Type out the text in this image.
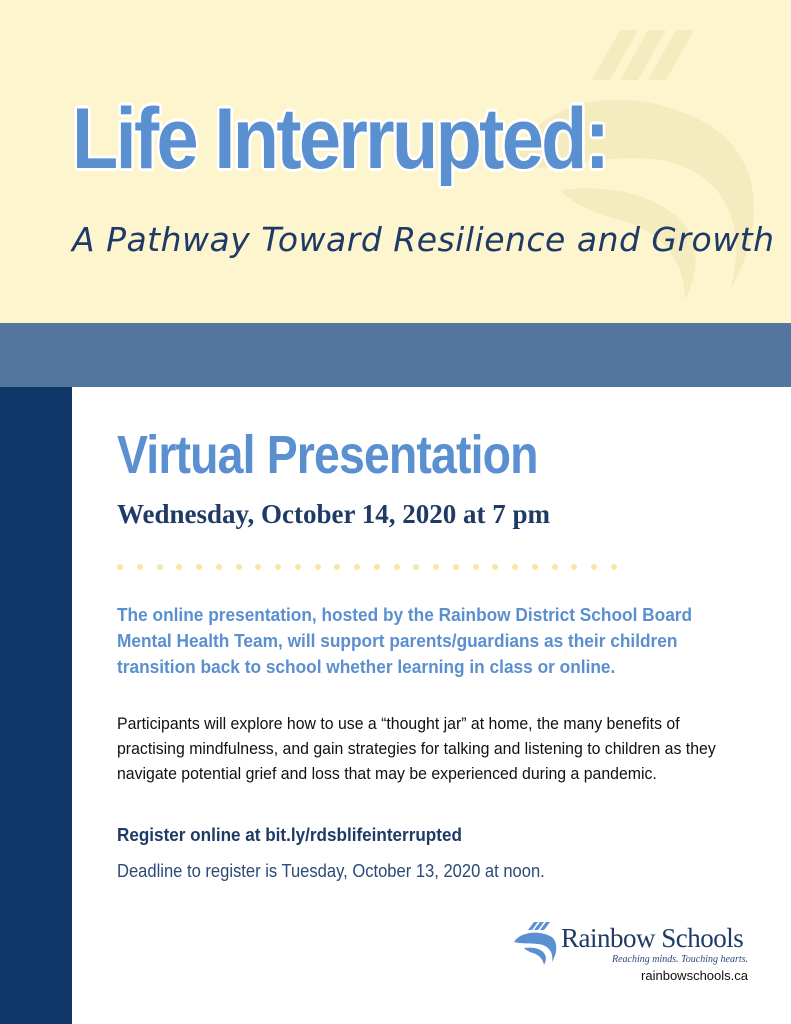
Life Interrupted:

A Pathway Toward Resilience and Growth

Virtual Presentation

Wednesday, October 14, 2020 at 7 pm

The online presentation, hosted by the Rainbow District School Board Mental Health Team, will support parents/guardians as their children transition back to school whether learning in class or online.

Participants will explore how to use a “thought jar” at home, the many benefits of practising mindfulness, and gain strategies for talking and listening to children as they navigate potential grief and loss that may be experienced during a pandemic.

Register online at bit.ly/rdsblifeinterrupted

Deadline to register is Tuesday, October 13, 2020 at noon.

Rainbow Schools

Reaching minds. Touching hearts.

rainbowschools.ca
